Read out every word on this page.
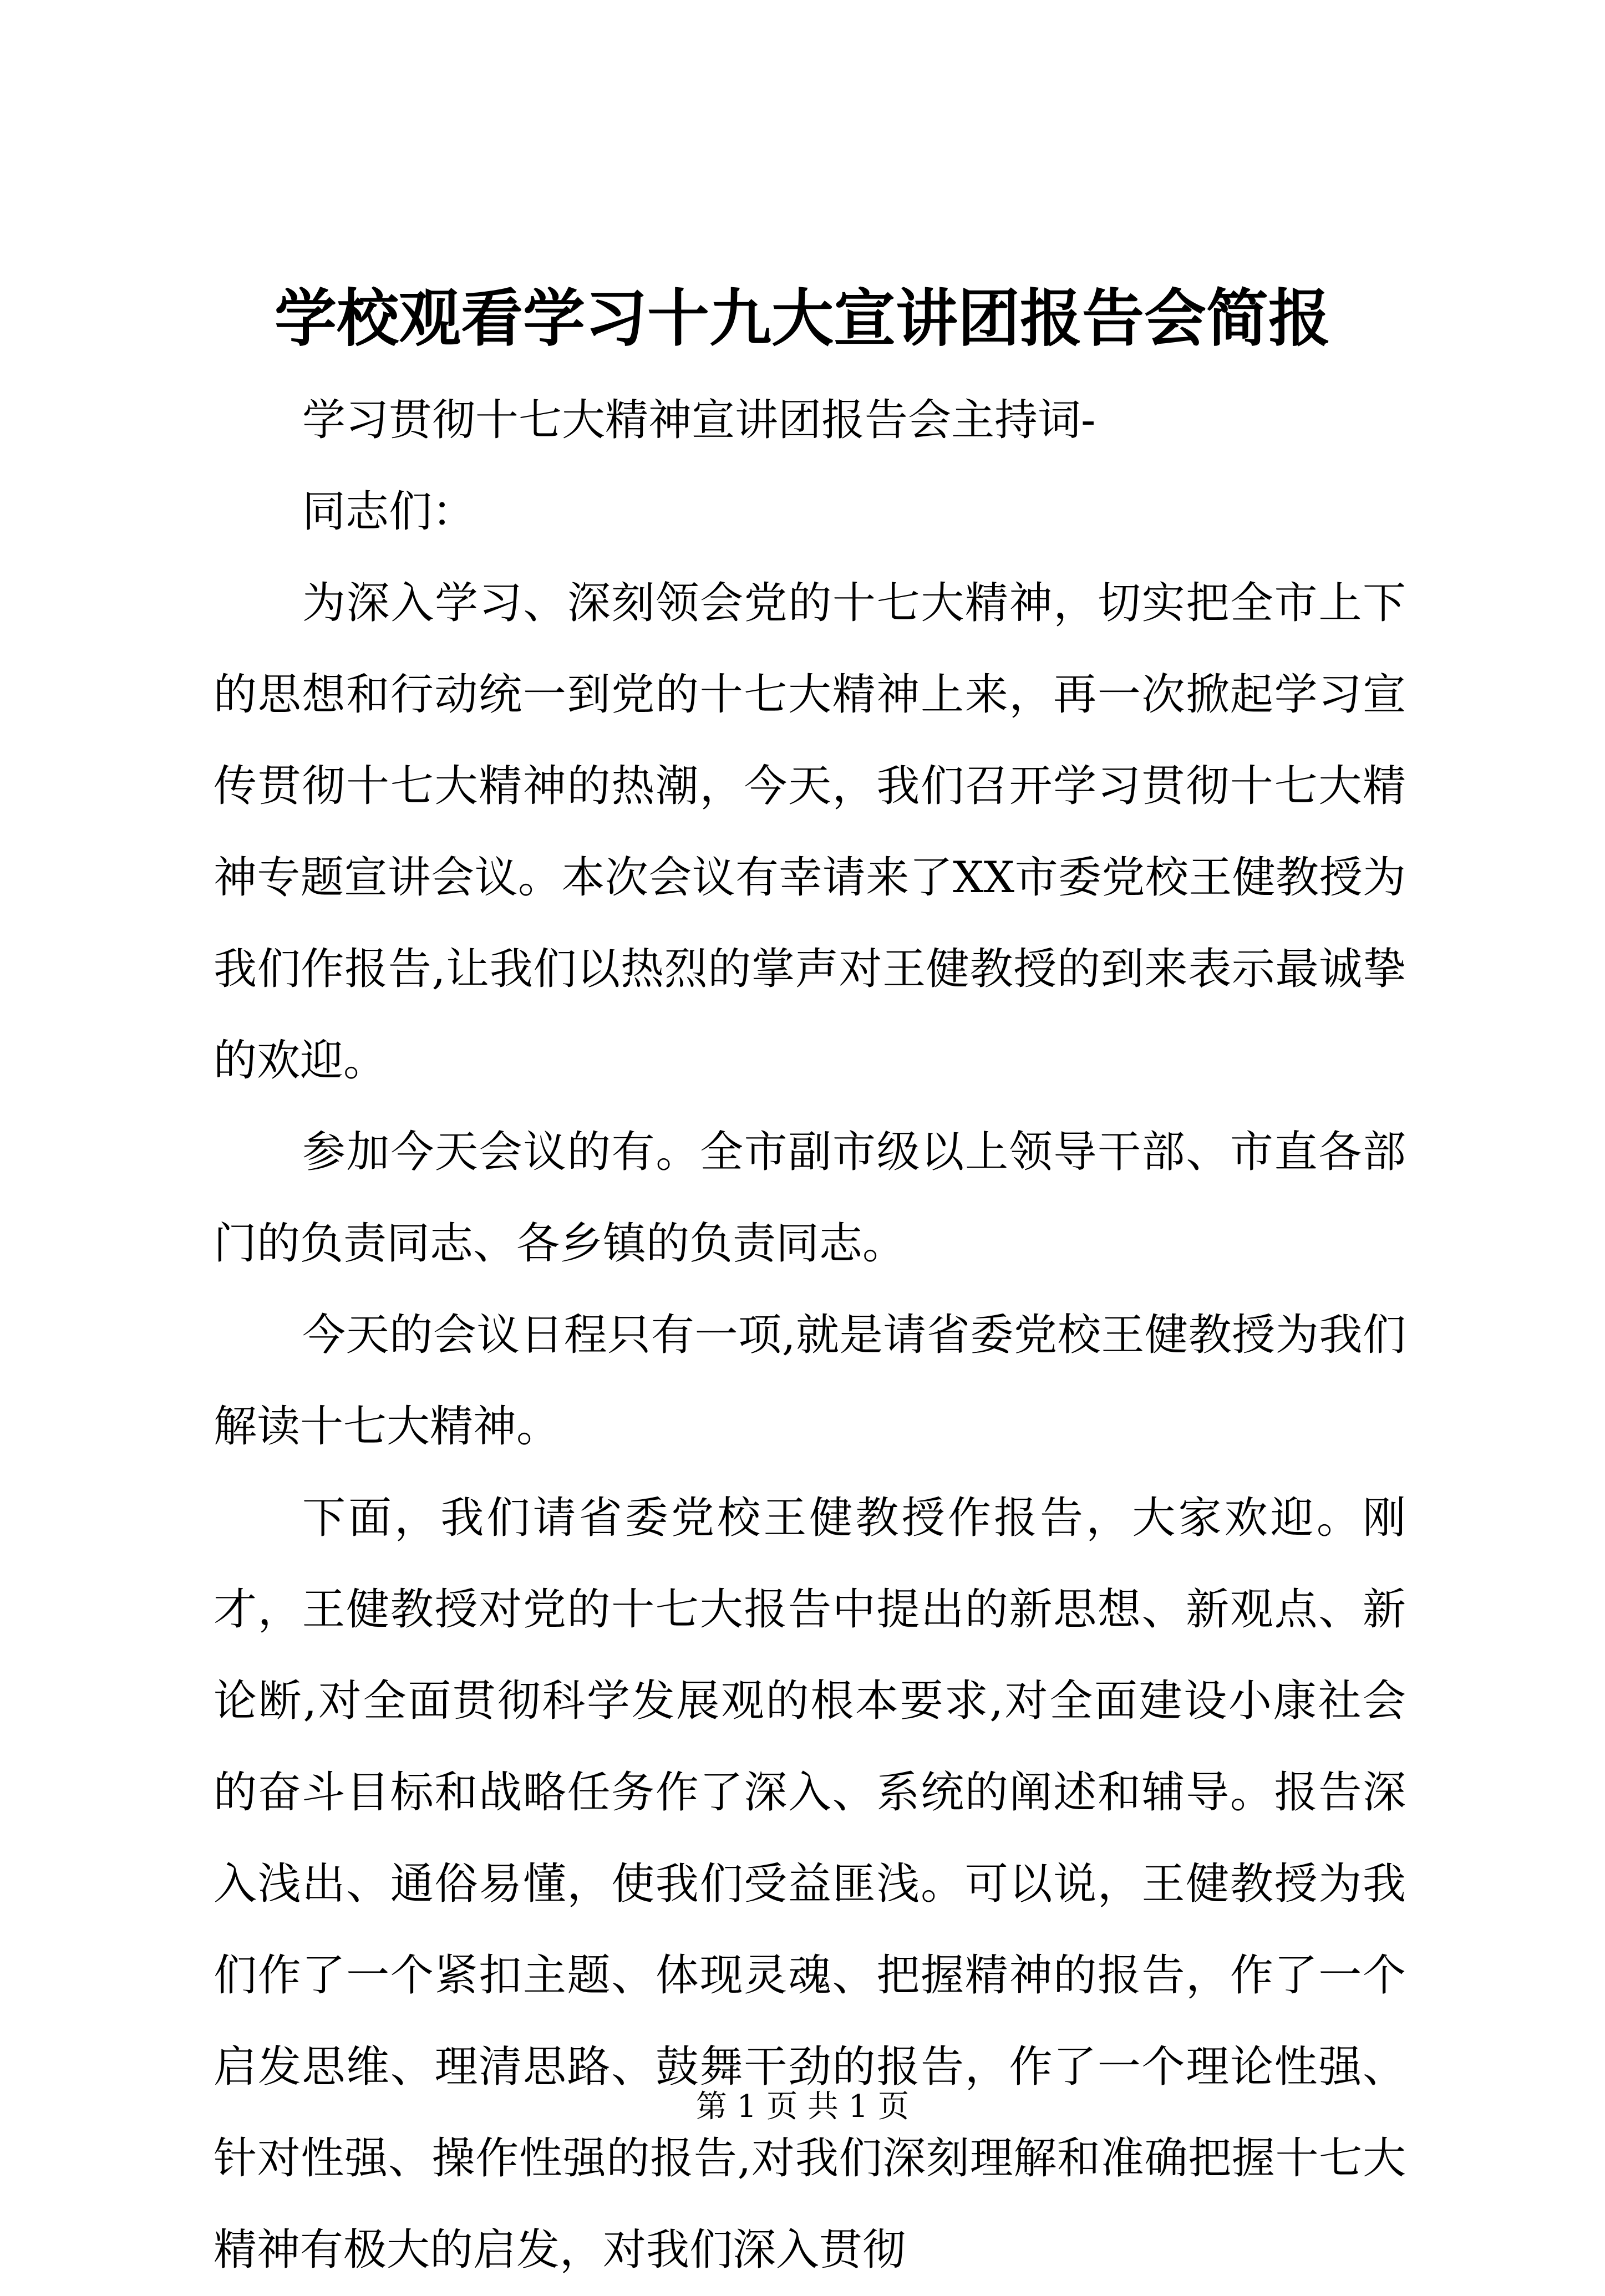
学校观看学习十九大宣讲团报告会简报

学习贯彻十七大精神宣讲团报告会主持词-

同志们：

为深入学习、深刻领会党的十七大精神，切实把全市上下的思想和行动统一到党的十七大精神上来，再一次掀起学习宣传贯彻十七大精神的热潮，今天，我们召开学习贯彻十七大精神专题宣讲会议。本次会议有幸请来了XX市委党校王健教授为我们作报告,让我们以热烈的掌声对王健教授的到来表示最诚挚的欢迎。

参加今天会议的有。全市副市级以上领导干部、市直各部门的负责同志、各乡镇的负责同志。

今天的会议日程只有一项,就是请省委党校王健教授为我们解读十七大精神。

下面，我们请省委党校王健教授作报告，大家欢迎。刚才，王健教授对党的十七大报告中提出的新思想、新观点、新论断,对全面贯彻科学发展观的根本要求,对全面建设小康社会的奋斗目标和战略任务作了深入、系统的阐述和辅导。报告深入浅出、通俗易懂，使我们受益匪浅。可以说，王健教授为我们作了一个紧扣主题、体现灵魂、把握精神的报告，作了一个启发思维、理清思路、鼓舞干劲的报告，作了一个理论性强、针对性强、操作性强的报告,对我们深刻理解和准确把握十七大精神有极大的启发，对我们深入贯彻

第 1 页 共 1 页
